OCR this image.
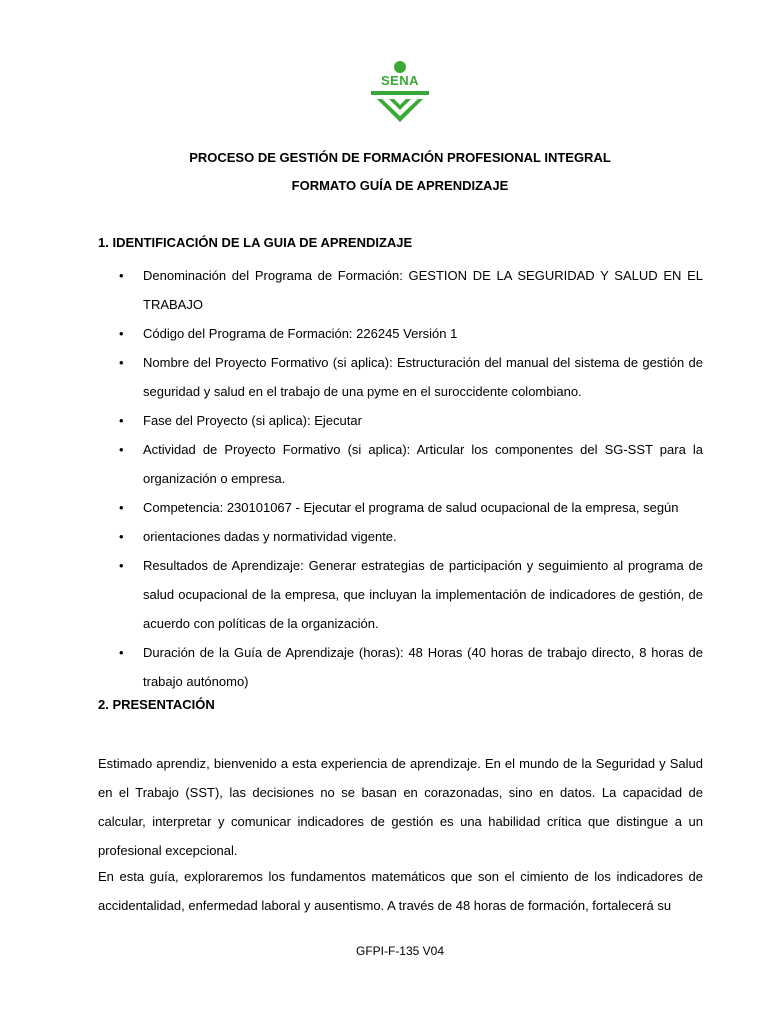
SENA
PROCESO DE GESTIÓN DE FORMACIÓN PROFESIONAL INTEGRAL
FORMATO GUÍA DE APRENDIZAJE
1. IDENTIFICACIÓN DE LA GUIA DE APRENDIZAJE
• Denominación del Programa de Formación: GESTION DE LA SEGURIDAD Y SALUD EN EL TRABAJO
• Código del Programa de Formación: 226245 Versión 1
• Nombre del Proyecto Formativo (si aplica): Estructuración del manual del sistema de gestión de seguridad y salud en el trabajo de una pyme en el suroccidente colombiano.
• Fase del Proyecto (si aplica): Ejecutar
• Actividad de Proyecto Formativo (si aplica): Articular los componentes del SG-SST para la organización o empresa.
• Competencia: 230101067 - Ejecutar el programa de salud ocupacional de la empresa, según
• orientaciones dadas y normatividad vigente.
• Resultados de Aprendizaje: Generar estrategias de participación y seguimiento al programa de salud ocupacional de la empresa, que incluyan la implementación de indicadores de gestión, de acuerdo con políticas de la organización.
• Duración de la Guía de Aprendizaje (horas): 48 Horas (40 horas de trabajo directo, 8 horas de trabajo autónomo)
2. PRESENTACIÓN

Estimado aprendiz, bienvenido a esta experiencia de aprendizaje. En el mundo de la Seguridad y Salud en el Trabajo (SST), las decisiones no se basan en corazonadas, sino en datos. La capacidad de calcular, interpretar y comunicar indicadores de gestión es una habilidad crítica que distingue a un profesional excepcional.

En esta guía, exploraremos los fundamentos matemáticos que son el cimiento de los indicadores de accidentalidad, enfermedad laboral y ausentismo. A través de 48 horas de formación, fortalecerá su

GFPI-F-135 V04
